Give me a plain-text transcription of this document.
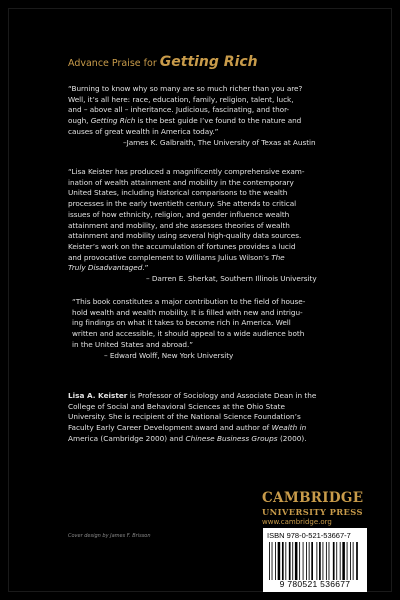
Advance Praise for Getting Rich

“Burning to know why so many are so much richer than you are?

Well, it’s all here: race, education, family, religion, talent, luck,

and – above all – inheritance. Judicious, fascinating, and thor-

ough, Getting Rich is the best guide I’ve found to the nature and

causes of great wealth in America today.”

–James K. Galbraith, The University of Texas at Austin

“Lisa Keister has produced a magnificently comprehensive exam-

ination of wealth attainment and mobility in the contemporary

United States, including historical comparisons to the wealth

processes in the early twentieth century. She attends to critical

issues of how ethnicity, religion, and gender influence wealth

attainment and mobility, and she assesses theories of wealth

attainment and mobility using several high-quality data sources.

Keister’s work on the accumulation of fortunes provides a lucid

and provocative complement to Williams Julius Wilson’s The

Truly Disadvantaged.”

– Darren E. Sherkat, Southern Illinois University

“This book constitutes a major contribution to the field of house-

hold wealth and wealth mobility. It is filled with new and intrigu-

ing findings on what it takes to become rich in America. Well

written and accessible, it should appeal to a wide audience both

in the United States and abroad.”

– Edward Wolff, New York University

Lisa A. Keister is Professor of Sociology and Associate Dean in the

College of Social and Behavioral Sciences at the Ohio State

University. She is recipient of the National Science Foundation’s

Faculty Early Career Development award and author of Wealth in

America (Cambridge 2000) and Chinese Business Groups (2000).

CAMBRIDGE
UNIVERSITY PRESS
www.cambridge.org
Cover design by James F. Brisson	ISBN 978-0-521-53667-7
9 780521 536677
